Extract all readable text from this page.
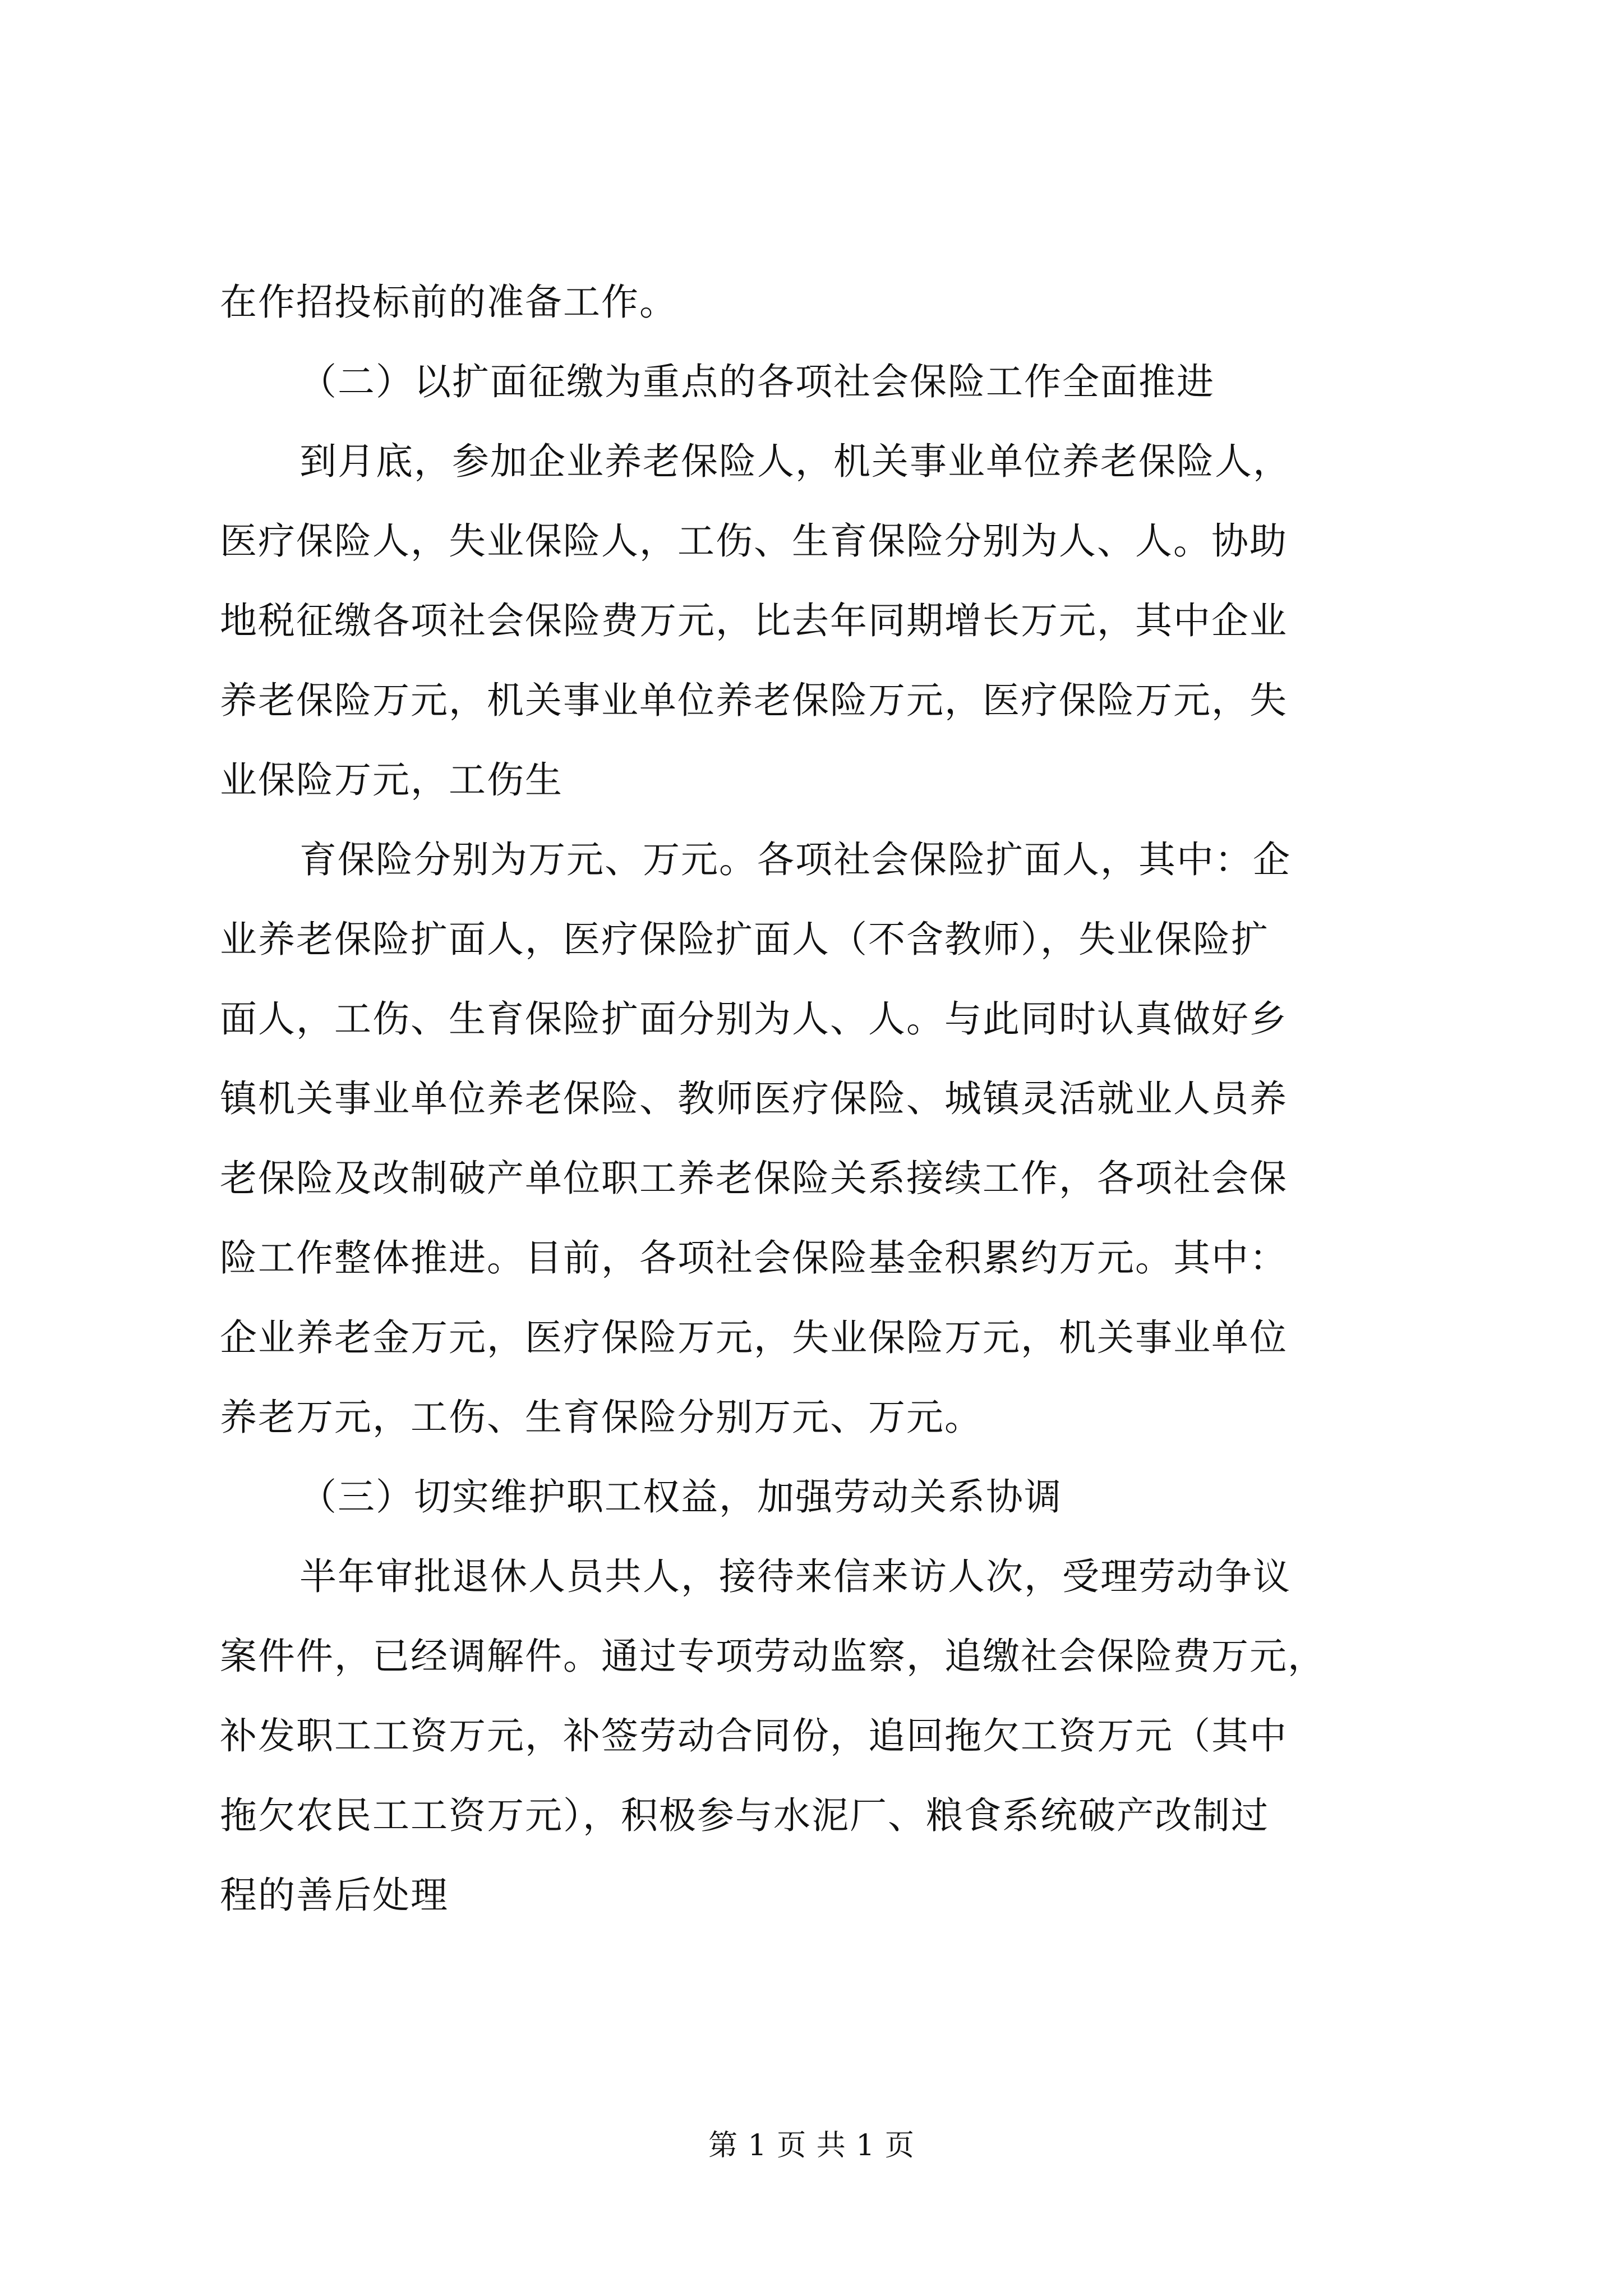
在作招投标前的准备工作。
（二）以扩面征缴为重点的各项社会保险工作全面推进
到月底，参加企业养老保险人，机关事业单位养老保险人，
医疗保险人，失业保险人，工伤、生育保险分别为人、人。协助
地税征缴各项社会保险费万元，比去年同期增长万元，其中企业
养老保险万元，机关事业单位养老保险万元，医疗保险万元，失
业保险万元，工伤生
育保险分别为万元、万元。各项社会保险扩面人，其中：企
业养老保险扩面人，医疗保险扩面人（不含教师），失业保险扩
面人，工伤、生育保险扩面分别为人、人。与此同时认真做好乡
镇机关事业单位养老保险、教师医疗保险、城镇灵活就业人员养
老保险及改制破产单位职工养老保险关系接续工作，各项社会保
险工作整体推进。目前，各项社会保险基金积累约万元。其中：
企业养老金万元，医疗保险万元，失业保险万元，机关事业单位
养老万元，工伤、生育保险分别万元、万元。
（三）切实维护职工权益，加强劳动关系协调
半年审批退休人员共人，接待来信来访人次，受理劳动争议
案件件，已经调解件。通过专项劳动监察，追缴社会保险费万元，
补发职工工资万元，补签劳动合同份，追回拖欠工资万元（其中
拖欠农民工工资万元），积极参与水泥厂、粮食系统破产改制过
程的善后处理
第 1 页 共 1 页
